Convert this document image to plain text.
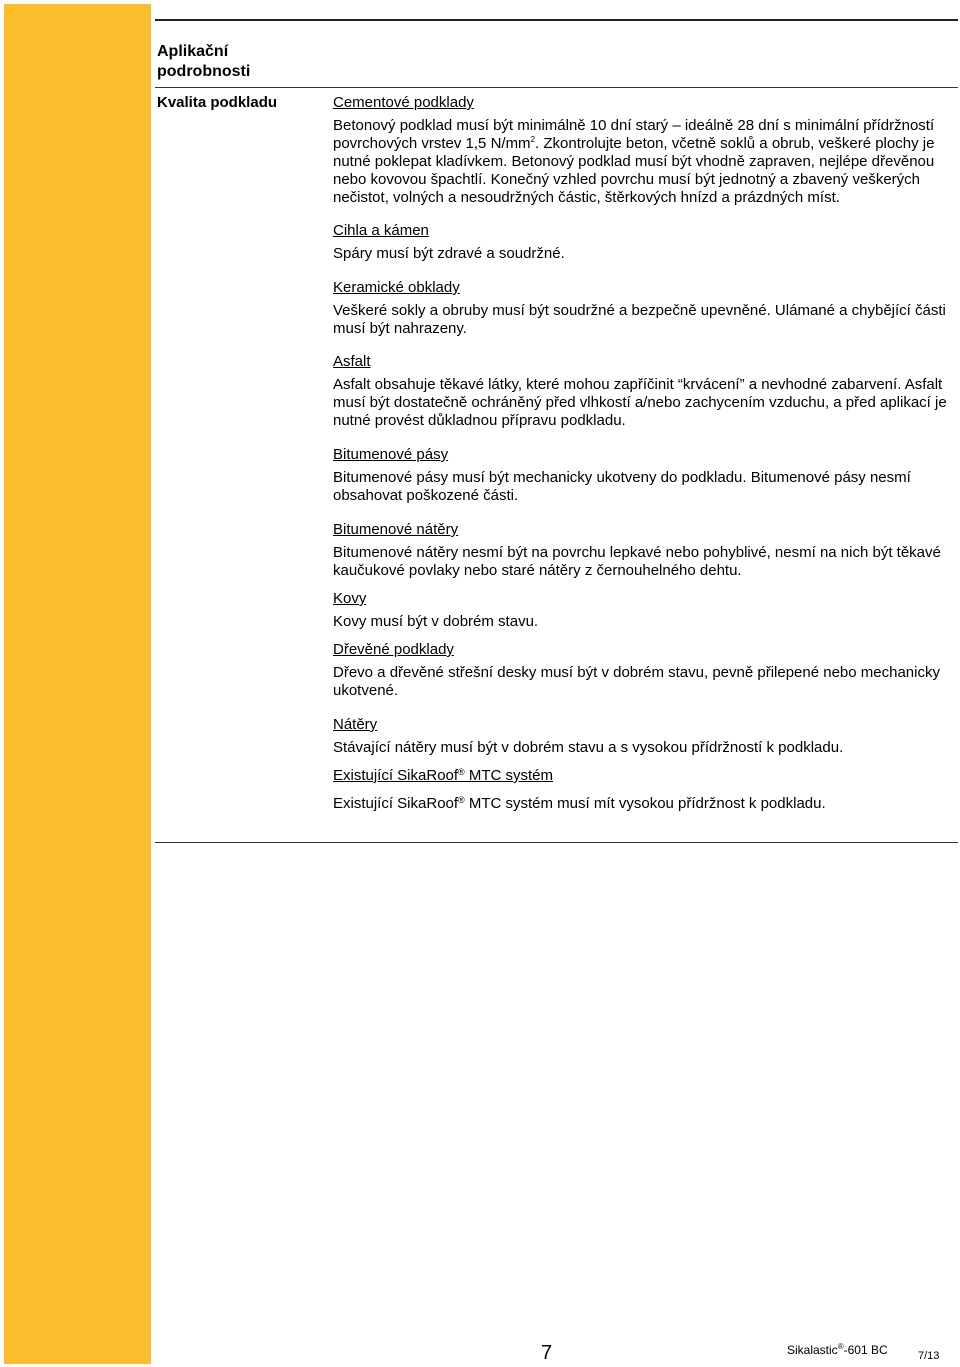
Aplikační
podrobnosti
Kvalita podkladu	Cementové podklady

Betonový podklad musí být minimálně 10 dní starý – ideálně 28 dní s minimální přídržností povrchových vrstev 1,5 $N/mm^2$. Zkontrolujte beton, včetně soklů a obrub, veškeré plochy je nutné poklepat kladívkem. Betonový podklad musí být vhodně zapraven, nejlépe dřevěnou nebo kovovou špachtlí. Konečný vzhled povrchu musí být jednotný a zbavený veškerých nečistot, volných a nesoudržných částic, štěrkových hnízd a prázdných míst.

Cihla a kámen

Spáry musí být zdravé a soudržné.

Keramické obklady

Veškeré sokly a obruby musí být soudržné a bezpečně upevněné. Ulámané a chybějící části musí být nahrazeny.

Asfalt

Asfalt obsahuje těkavé látky, které mohou zapříčinit “krvácení” a nevhodné zabarvení. Asfalt musí být dostatečně ochráněný před vlhkostí a/nebo zachycením vzduchu, a před aplikací je nutné provést důkladnou přípravu podkladu.

Bitumenové pásy

Bitumenové pásy musí být mechanicky ukotveny do podkladu. Bitumenové pásy nesmí obsahovat poškozené části.

Bitumenové nátěry

Bitumenové nátěry nesmí být na povrchu lepkavé nebo pohyblivé, nesmí na nich být těkavé kaučukové povlaky nebo staré nátěry z černouhelného dehtu.

Kovy

Kovy musí být v dobrém stavu.

Dřevěné podklady

Dřevo a dřevěné střešní desky musí být v dobrém stavu, pevně přilepené nebo mechanicky ukotvené.

Nátěry

Stávající nátěry musí být v dobrém stavu a s vysokou přídržností k podkladu.

Existující SikaRoof® MTC systém

Existující SikaRoof® MTC systém musí mít vysokou přídržnost k podkladu.

7	Sikalastic®-601 BC	7/13
